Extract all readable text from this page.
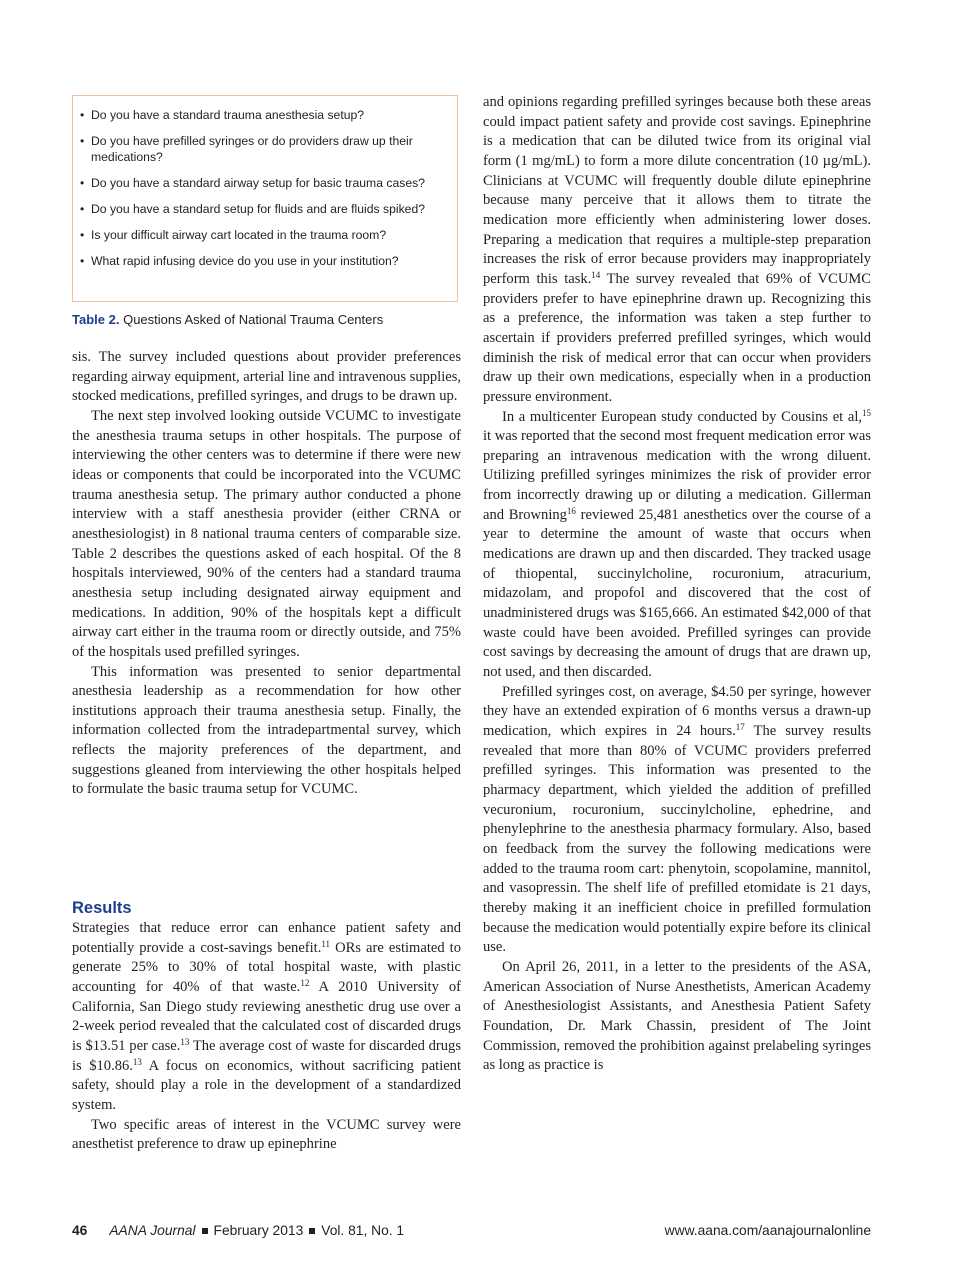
• Do you have a standard trauma anesthesia setup?
• Do you have prefilled syringes or do providers draw up their medications?
• Do you have a standard airway setup for basic trauma cases?
• Do you have a standard setup for fluids and are fluids spiked?
• Is your difficult airway cart located in the trauma room?
• What rapid infusing device do you use in your institution?
Table 2. Questions Asked of National Trauma Centers

sis. The survey included questions about provider preferences regarding airway equipment, arterial line and intravenous supplies, stocked medications, prefilled syringes, and drugs to be drawn up.

The next step involved looking outside VCUMC to investigate the anesthesia trauma setups in other hospitals. The purpose of interviewing the other centers was to determine if there were new ideas or components that could be incorporated into the VCUMC trauma anesthesia setup. The primary author conducted a phone interview with a staff anesthesia provider (either CRNA or anesthesiologist) in 8 national trauma centers of comparable size. Table 2 describes the questions asked of each hospital. Of the 8 hospitals interviewed, 90% of the centers had a standard trauma anesthesia setup including designated airway equipment and medications. In addition, 90% of the hospitals kept a difficult airway cart either in the trauma room or directly outside, and 75% of the hospitals used prefilled syringes.

This information was presented to senior departmental anesthesia leadership as a recommendation for how other institutions approach their trauma anesthesia setup. Finally, the information collected from the intradepartmental survey, which reflects the majority preferences of the department, and suggestions gleaned from interviewing the other hospitals helped to formulate the basic trauma setup for VCUMC.

Results

Strategies that reduce error can enhance patient safety and potentially provide a cost-savings benefit.$^{11}$ ORs are estimated to generate 25% to 30% of total hospital waste, with plastic accounting for 40% of that waste.$^{12}$ A 2010 University of California, San Diego study reviewing anesthetic drug use over a 2-week period revealed that the calculated cost of discarded drugs is $13.51 per case.$^{13}$ The average cost of waste for discarded drugs is $10.86.13 A focus on economics, without sacrificing patient safety, should play a role in the development of a standardized system.

Two specific areas of interest in the VCUMC survey were anesthetist preference to draw up epinephrine

and opinions regarding prefilled syringes because both these areas could impact patient safety and provide cost savings. Epinephrine is a medication that can be diluted twice from its original vial form (1 mg/mL) to form a more dilute concentration (10 µg/mL). Clinicians at VCUMC will frequently double dilute epinephrine because many perceive that it allows them to titrate the medication more efficiently when administering lower doses. Preparing a medication that requires a multiple-step preparation increases the risk of error because providers may inappropriately perform this task.$^{14}$ The survey revealed that 69% of VCUMC providers prefer to have epinephrine drawn up. Recognizing this as a preference, the information was taken a step further to ascertain if providers preferred prefilled syringes, which would diminish the risk of medical error that can occur when providers draw up their own medications, especially when in a production pressure environment.

In a multicenter European study conducted by Cousins et al,$^{15}$ it was reported that the second most frequent medication error was preparing an intravenous medication with the wrong diluent. Utilizing prefilled syringes minimizes the risk of provider error from incorrectly drawing up or diluting a medication. Gillerman and Browning$^{16}$ reviewed 25,481 anesthetics over the course of a year to determine the amount of waste that occurs when medications are drawn up and then discarded. They tracked usage of thiopental, succinylcholine, rocuronium, atracurium, midazolam, and propofol and discovered that the cost of unadministered drugs was $165,666. An estimated $42,000 of that waste could have been avoided. Prefilled syringes can provide cost savings by decreasing the amount of drugs that are drawn up, not used, and then discarded.

Prefilled syringes cost, on average, $4.50 per syringe, however they have an extended expiration of 6 months versus a drawn-up medication, which expires in 24 hours.$^{17}$ The survey results revealed that more than 80% of VCUMC providers preferred prefilled syringes. This information was presented to the pharmacy department, which yielded the addition of prefilled vecuronium, rocuronium, succinylcholine, ephedrine, and phenylephrine to the anesthesia pharmacy formulary. Also, based on feedback from the survey the following medications were added to the trauma room cart: phenytoin, scopolamine, mannitol, and vasopressin. The shelf life of prefilled etomidate is 21 days, thereby making it an inefficient choice in prefilled formulation because the medication would potentially expire before its clinical use.

On April 26, 2011, in a letter to the presidents of the ASA, American Association of Nurse Anesthetists, American Academy of Anesthesiologist Assistants, and Anesthesia Patient Safety Foundation, Dr. Mark Chassin, president of The Joint Commission, removed the prohibition against prelabeling syringes as long as practice is

46 AANA Journal February 2013 Vol. 81, No. 1	www.aana.com/aanajournalonline
